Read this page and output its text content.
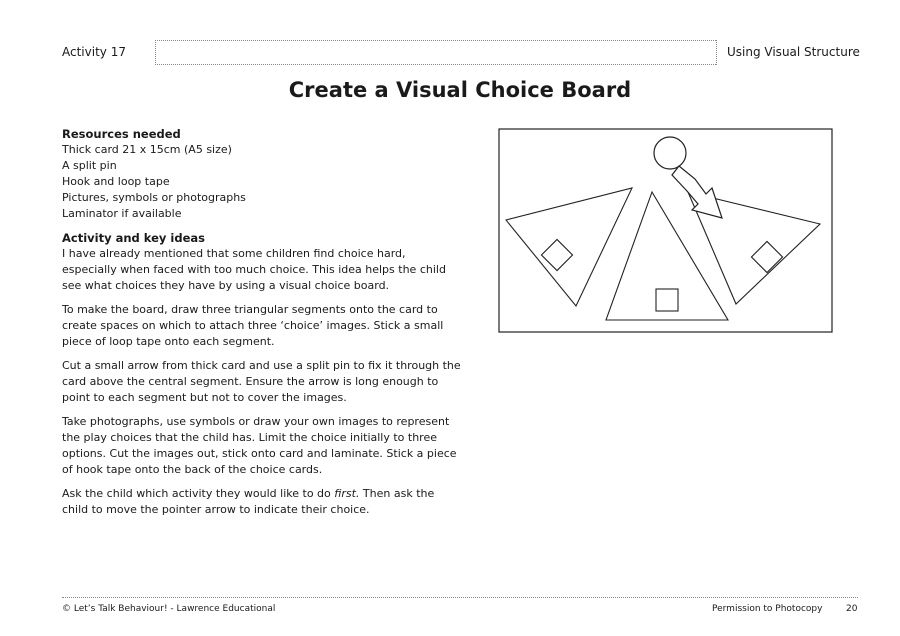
Activity 17	Using Visual Structure
Create a Visual Choice Board
Resources needed
Thick card 21 x 15cm (A5 size)
A split pin
Hook and loop tape
Pictures, symbols or photographs
Laminator if available
Activity and key ideas

I have already mentioned that some children find choice hard, especially when faced with too much choice. This idea helps the child see what choices they have by using a visual choice board.

To make the board, draw three triangular segments onto the card to create spaces on which to attach three ‘choice’ images. Stick a small piece of loop tape onto each segment.

Cut a small arrow from thick card and use a split pin to fix it through the card above the central segment. Ensure the arrow is long enough to point to each segment but not to cover the images.

Take photographs, use symbols or draw your own images to represent the play choices that the child has. Limit the choice initially to three options. Cut the images out, stick onto card and laminate. Stick a piece of hook tape onto the back of the choice cards.

Ask the child which activity they would like to do first. Then ask the child to move the pointer arrow to indicate their choice.

© Let’s Talk Behaviour! - Lawrence Educational	Permission to Photocopy	20
